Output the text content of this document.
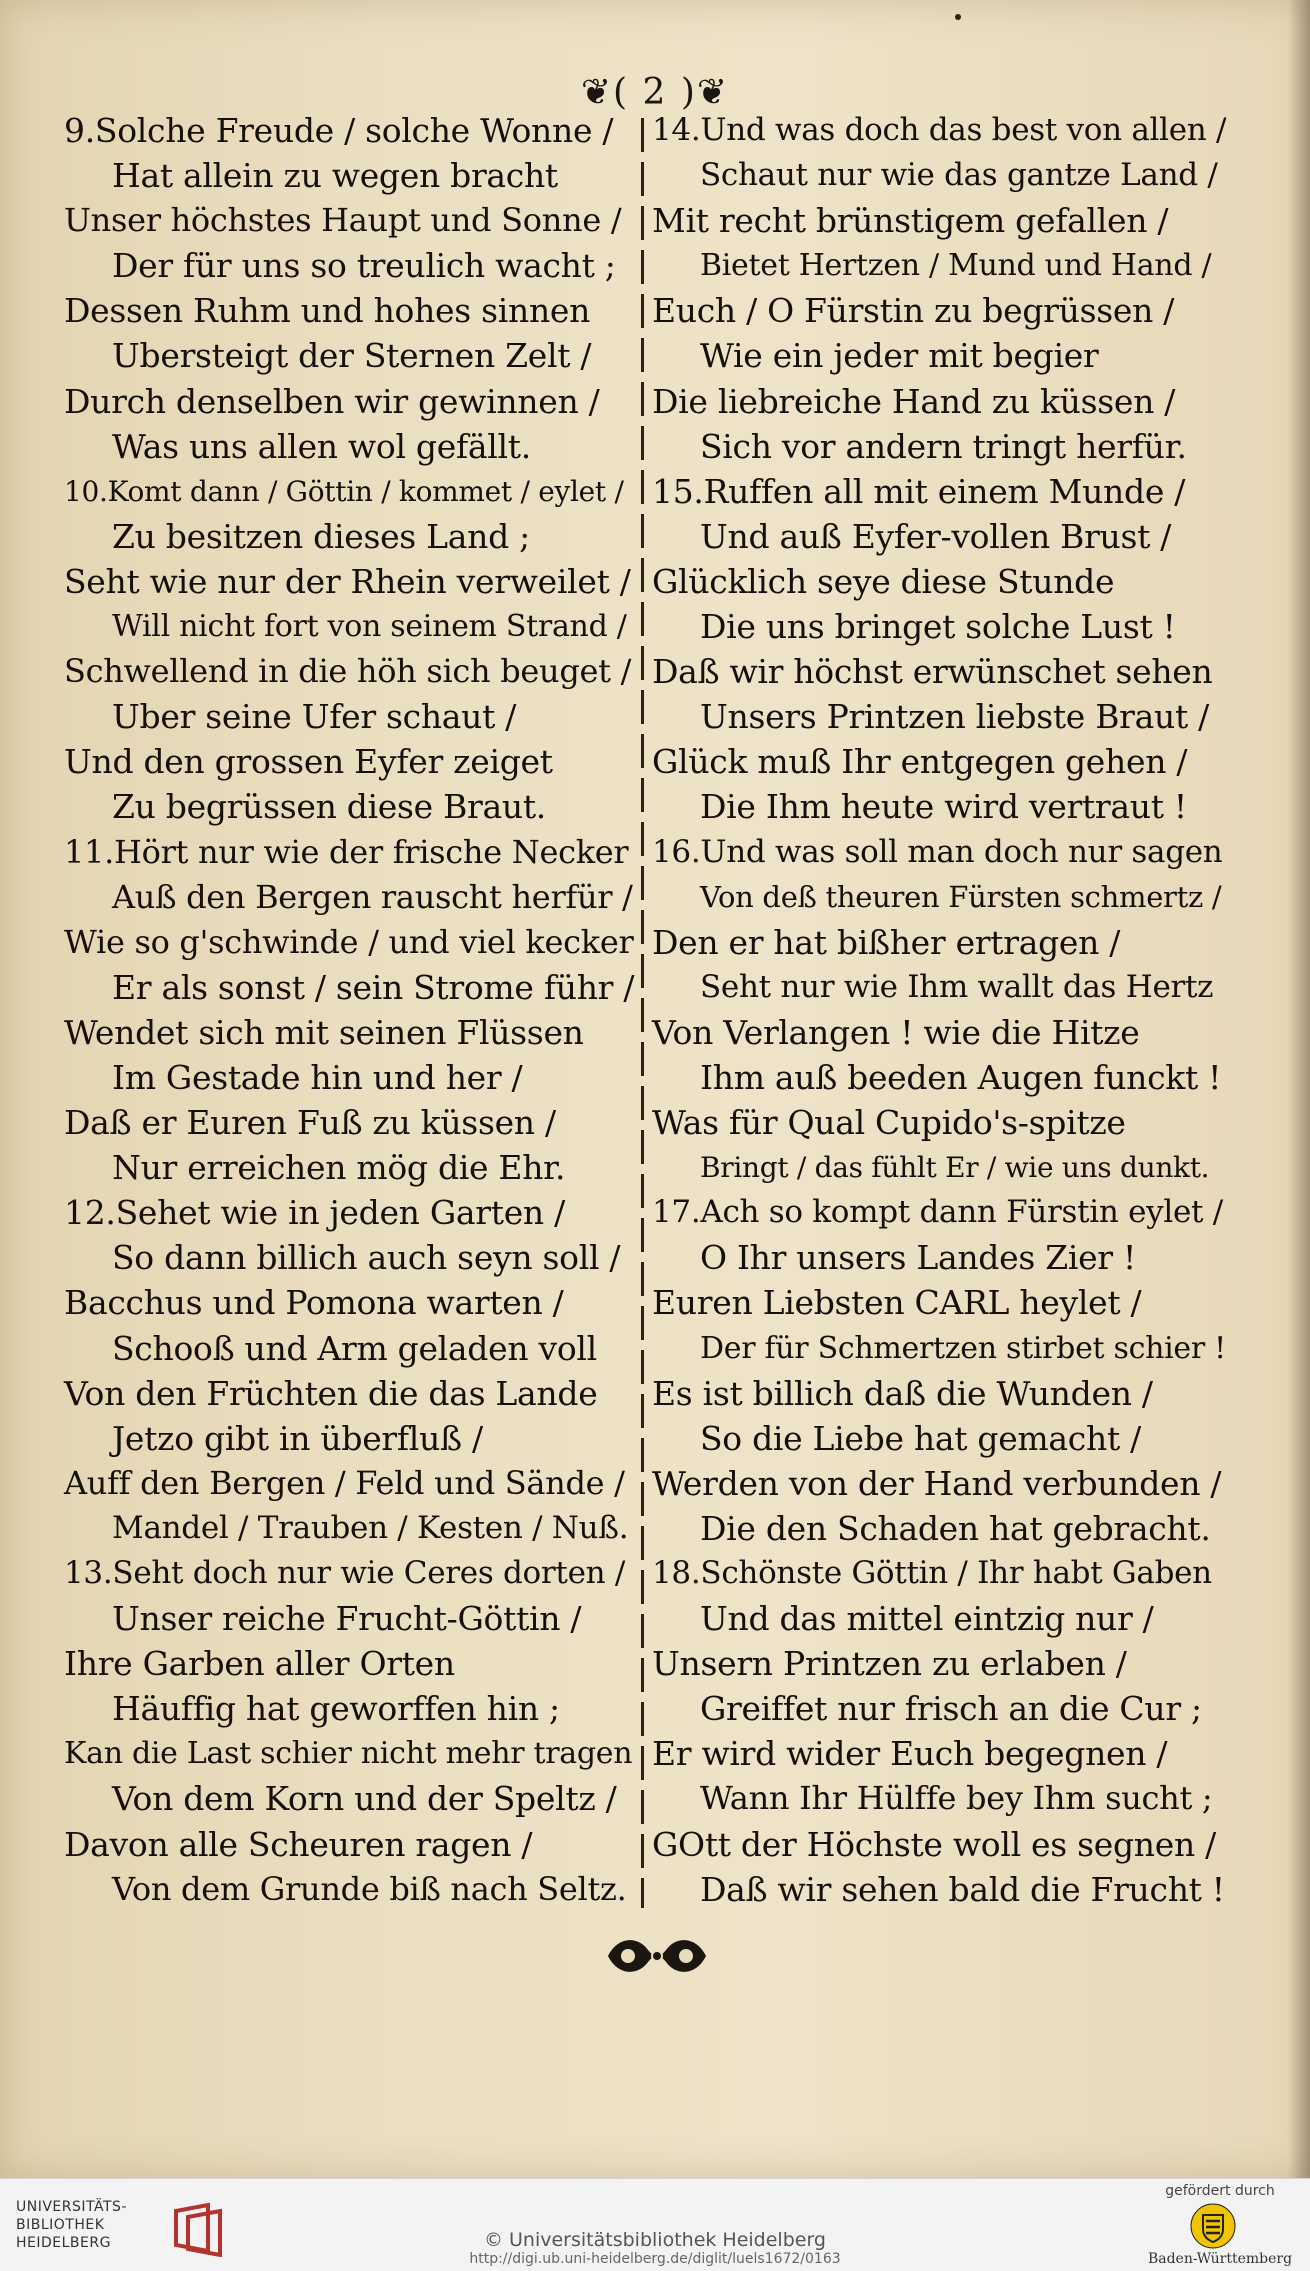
❦( 2 )❦
9.Solche Freude / solche Wonne /
Hat allein zu wegen bracht
Unser höchstes Haupt und Sonne /
Der für uns so treulich wacht ;
Dessen Ruhm und hohes sinnen
Ubersteigt der Sternen Zelt /
Durch denselben wir gewinnen /
Was uns allen wol gefällt.
10.Komt dann / Göttin / kommet / eylet /
Zu besitzen dieses Land ;
Seht wie nur der Rhein verweilet /
Will nicht fort von seinem Strand /
Schwellend in die höh sich beuget /
Uber seine Ufer schaut /
Und den grossen Eyfer zeiget
Zu begrüssen diese Braut.
11.Hört nur wie der frische Necker
Auß den Bergen rauscht herfür /
Wie so g'schwinde / und viel kecker
Er als sonst / sein Strome führ /
Wendet sich mit seinen Flüssen
Im Gestade hin und her /
Daß er Euren Fuß zu küssen /
Nur erreichen mög die Ehr.
12.Sehet wie in jeden Garten /
So dann billich auch seyn soll /
Bacchus und Pomona warten /
Schooß und Arm geladen voll
Von den Früchten die das Lande
Jetzo gibt in überfluß /
Auff den Bergen / Feld und Sände /
Mandel / Trauben / Kesten / Nuß.
13.Seht doch nur wie Ceres dorten /
Unser reiche Frucht-Göttin /
Ihre Garben aller Orten
Häuffig hat geworffen hin ;
Kan die Last schier nicht mehr tragen
Von dem Korn und der Speltz /
Davon alle Scheuren ragen /
Von dem Grunde biß nach Seltz.
14.Und was doch das best von allen /
Schaut nur wie das gantze Land /
Mit recht brünstigem gefallen /
Bietet Hertzen / Mund und Hand /
Euch / O Fürstin zu begrüssen /
Wie ein jeder mit begier
Die liebreiche Hand zu küssen /
Sich vor andern tringt herfür.
15.Ruffen all mit einem Munde /
Und auß Eyfer-vollen Brust /
Glücklich seye diese Stunde
Die uns bringet solche Lust !
Daß wir höchst erwünschet sehen
Unsers Printzen liebste Braut /
Glück muß Ihr entgegen gehen /
Die Ihm heute wird vertraut !
16.Und was soll man doch nur sagen
Von deß theuren Fürsten schmertz /
Den er hat bißher ertragen /
Seht nur wie Ihm wallt das Hertz
Von Verlangen ! wie die Hitze
Ihm auß beeden Augen funckt !
Was für Qual Cupido's-spitze
Bringt / das fühlt Er / wie uns dunkt.
17.Ach so kompt dann Fürstin eylet /
O Ihr unsers Landes Zier !
Euren Liebsten CARL heylet /
Der für Schmertzen stirbet schier !
Es ist billich daß die Wunden /
So die Liebe hat gemacht /
Werden von der Hand verbunden /
Die den Schaden hat gebracht.
18.Schönste Göttin / Ihr habt Gaben
Und das mittel eintzig nur /
Unsern Printzen zu erlaben /
Greiffet nur frisch an die Cur ;
Er wird wider Euch begegnen /
Wann Ihr Hülffe bey Ihm sucht ;
GOtt der Höchste woll es segnen /
Daß wir sehen bald die Frucht !
UNIVERSITÄTS-
BIBLIOTHEK
HEIDELBERG	© Universitätsbibliothek Heidelberg
http://digi.ub.uni-heidelberg.de/diglit/luels1672/0163
gefördert durch
Baden-Württemberg
